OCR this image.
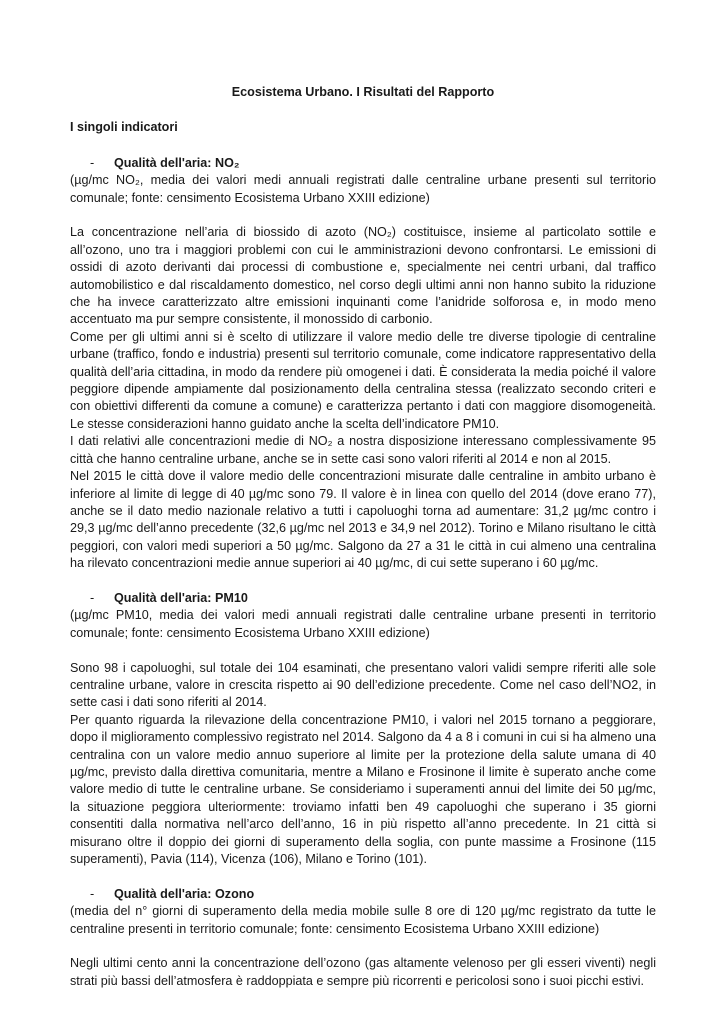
Ecosistema Urbano. I Risultati del Rapporto
I singoli indicatori
- Qualità dell'aria: NO₂

(µg/mc NO₂, media dei valori medi annuali registrati dalle centraline urbane presenti sul territorio comunale; fonte: censimento Ecosistema Urbano XXIII edizione)

La concentrazione nell’aria di biossido di azoto (NO₂) costituisce, insieme al particolato sottile e all’ozono, uno tra i maggiori problemi con cui le amministrazioni devono confrontarsi. Le emissioni di ossidi di azoto derivanti dai processi di combustione e, specialmente nei centri urbani, dal traffico automobilistico e dal riscaldamento domestico, nel corso degli ultimi anni non hanno subito la riduzione che ha invece caratterizzato altre emissioni inquinanti come l’anidride solforosa e, in modo meno accentuato ma pur sempre consistente, il monossido di carbonio.

Come per gli ultimi anni si è scelto di utilizzare il valore medio delle tre diverse tipologie di centraline urbane (traffico, fondo e industria) presenti sul territorio comunale, come indicatore rappresentativo della qualità dell’aria cittadina, in modo da rendere più omogenei i dati. È considerata la media poiché il valore peggiore dipende ampiamente dal posizionamento della centralina stessa (realizzato secondo criteri e con obiettivi differenti da comune a comune) e caratterizza pertanto i dati con maggiore disomogeneità. Le stesse considerazioni hanno guidato anche la scelta dell’indicatore PM10.

I dati relativi alle concentrazioni medie di NO₂ a nostra disposizione interessano complessivamente 95 città che hanno centraline urbane, anche se in sette casi sono valori riferiti al 2014 e non al 2015.

Nel 2015 le città dove il valore medio delle concentrazioni misurate dalle centraline in ambito urbano è inferiore al limite di legge di 40 µg/mc sono 79. Il valore è in linea con quello del 2014 (dove erano 77), anche se il dato medio nazionale relativo a tutti i capoluoghi torna ad aumentare: 31,2 µg/mc contro i 29,3 µg/mc dell’anno precedente (32,6 µg/mc nel 2013 e 34,9 nel 2012). Torino e Milano risultano le città peggiori, con valori medi superiori a 50 µg/mc. Salgono da 27 a 31 le città in cui almeno una centralina ha rilevato concentrazioni medie annue superiori ai 40 µg/mc, di cui sette superano i 60 µg/mc.

- Qualità dell'aria: PM10

(µg/mc PM10, media dei valori medi annuali registrati dalle centraline urbane presenti in territorio comunale; fonte: censimento Ecosistema Urbano XXIII edizione)

Sono 98 i capoluoghi, sul totale dei 104 esaminati, che presentano valori validi sempre riferiti alle sole centraline urbane, valore in crescita rispetto ai 90 dell’edizione precedente. Come nel caso dell’NO2, in sette casi i dati sono riferiti al 2014.

Per quanto riguarda la rilevazione della concentrazione PM10, i valori nel 2015 tornano a peggiorare, dopo il miglioramento complessivo registrato nel 2014. Salgono da 4 a 8 i comuni in cui si ha almeno una centralina con un valore medio annuo superiore al limite per la protezione della salute umana di 40 µg/mc, previsto dalla direttiva comunitaria, mentre a Milano e Frosinone il limite è superato anche come valore medio di tutte le centraline urbane. Se consideriamo i superamenti annui del limite dei 50 µg/mc, la situazione peggiora ulteriormente: troviamo infatti ben 49 capoluoghi che superano i 35 giorni consentiti dalla normativa nell’arco dell’anno, 16 in più rispetto all’anno precedente. In 21 città si misurano oltre il doppio dei giorni di superamento della soglia, con punte massime a Frosinone (115 superamenti), Pavia (114), Vicenza (106), Milano e Torino (101).

- Qualità dell'aria: Ozono

(media del n° giorni di superamento della media mobile sulle 8 ore di 120 µg/mc registrato da tutte le centraline presenti in territorio comunale; fonte: censimento Ecosistema Urbano XXIII edizione)

Negli ultimi cento anni la concentrazione dell’ozono (gas altamente velenoso per gli esseri viventi) negli strati più bassi dell’atmosfera è raddoppiata e sempre più ricorrenti e pericolosi sono i suoi picchi estivi.
